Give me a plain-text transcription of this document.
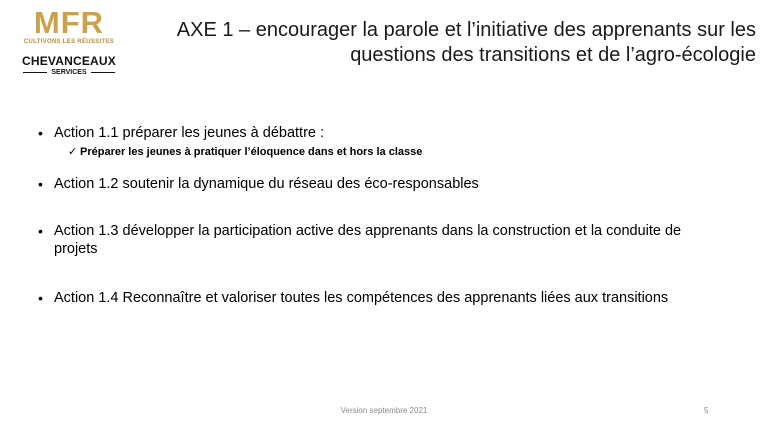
MFR
CULTIVONS LES RÉUSSITES
CHEVANCEAUX
SERVICES
AXE 1 – encourager la parole et l’initiative des apprenants sur les questions des transitions et de l’agro-écologie
• Action 1.1 préparer les jeunes à débattre :
✓ Préparer les jeunes à pratiquer l’éloquence dans et hors la classe
• Action 1.2 soutenir la dynamique du réseau des éco-responsables
• Action 1.3 développer la participation active des apprenants dans la construction et la conduite de projets
• Action 1.4 Reconnaître et valoriser toutes les compétences des apprenants liées aux transitions
Version septembre 2021	5
